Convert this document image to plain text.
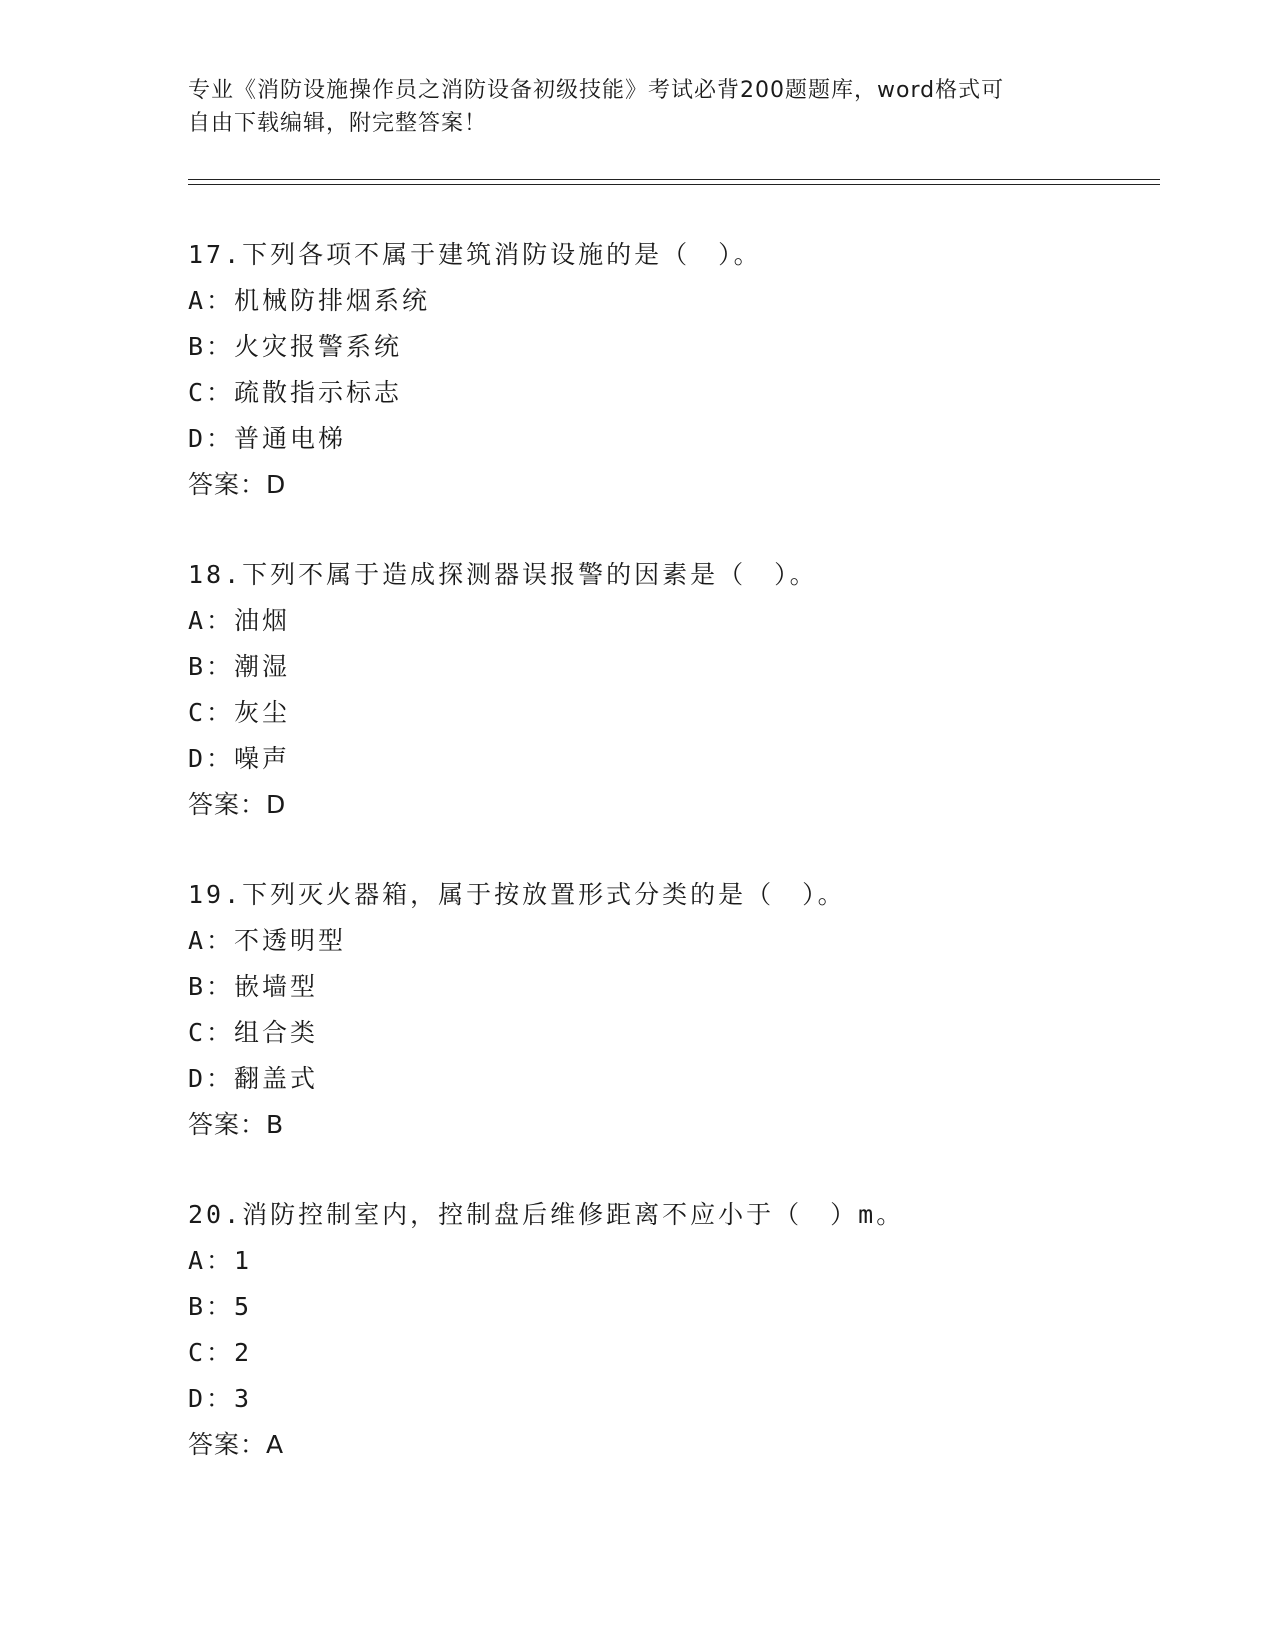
专业《消防设施操作员之消防设备初级技能》考试必背200题题库，word格式可
自由下载编辑，附完整答案！
17.下列各项不属于建筑消防设施的是（　）。
A：机械防排烟系统
B：火灾报警系统
C：疏散指示标志
D：普通电梯
答案：D
18.下列不属于造成探测器误报警的因素是（　）。
A：油烟
B：潮湿
C：灰尘
D：噪声
答案：D
19.下列灭火器箱，属于按放置形式分类的是（　）。
A：不透明型
B：嵌墙型
C：组合类
D：翻盖式
答案：B
20.消防控制室内，控制盘后维修距离不应小于（　）m。
A：1
B：5
C：2
D：3
答案：A
